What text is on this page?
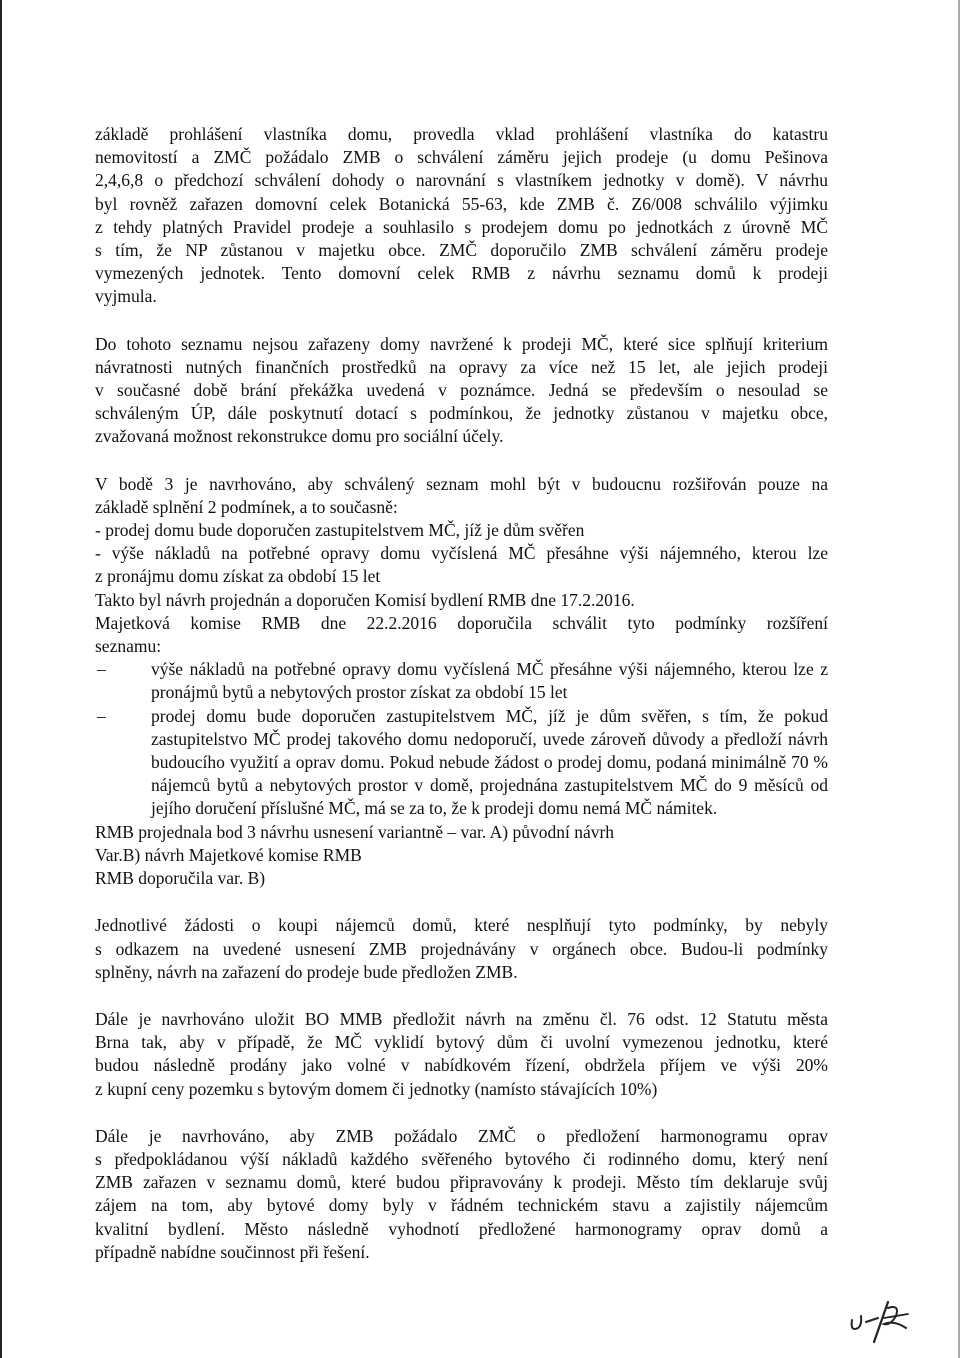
základě prohlášení vlastníka domu, provedla vklad prohlášení vlastníka do katastru
nemovitostí a ZMČ požádalo ZMB o schválení záměru jejich prodeje (u domu Pešinova
2,4,6,8 o předchozí schválení dohody o narovnání s vlastníkem jednotky v domě). V návrhu
byl rovněž zařazen domovní celek Botanická 55-63, kde ZMB č. Z6/008 schválilo výjimku
z tehdy platných Pravidel prodeje a souhlasilo s prodejem domu po jednotkách z úrovně MČ
s tím, že NP zůstanou v majetku obce. ZMČ doporučilo ZMB schválení záměru prodeje
vymezených jednotek. Tento domovní celek RMB z návrhu seznamu domů k prodeji
vyjmula.

Do tohoto seznamu nejsou zařazeny domy navržené k prodeji MČ, které sice splňují kriterium
návratnosti nutných finančních prostředků na opravy za více než 15 let, ale jejich prodeji
v současné době brání překážka uvedená v poznámce. Jedná se především o nesoulad se
schváleným ÚP, dále poskytnutí dotací s podmínkou, že jednotky zůstanou v majetku obce,
zvažovaná možnost rekonstrukce domu pro sociální účely.

V bodě 3 je navrhováno, aby schválený seznam mohl být v budoucnu rozšiřován pouze na
základě splnění 2 podmínek, a to současně:
- prodej domu bude doporučen zastupitelstvem MČ, jíž je dům svěřen
- výše nákladů na potřebné opravy domu vyčíslená MČ přesáhne výši nájemného, kterou lze
z pronájmu domu získat za období 15 let
Takto byl návrh projednán a doporučen Komisí bydlení RMB dne 17.2.2016.
Majetková komise RMB dne 22.2.2016 doporučila schválit tyto podmínky rozšíření
seznamu:

– výše nákladů na potřebné opravy domu vyčíslená MČ přesáhne výši nájemného, kterou lze z pronájmů bytů a nebytových prostor získat za období 15 let
– prodej domu bude doporučen zastupitelstvem MČ, jíž je dům svěřen, s tím, že pokud zastupitelstvo MČ prodej takového domu nedoporučí, uvede zároveň důvody a předloží návrh budoucího využití a oprav domu. Pokud nebude žádost o prodej domu, podaná minimálně 70 % nájemců bytů a nebytových prostor v domě, projednána zastupitelstvem MČ do 9 měsíců od jejího doručení příslušné MČ, má se za to, že k prodeji domu nemá MČ námitek.

RMB projednala bod 3 návrhu usnesení variantně – var. A) původní návrh
Var.B) návrh Majetkové komise RMB
RMB doporučila var. B)

Jednotlivé žádosti o koupi nájemců domů, které nesplňují tyto podmínky, by nebyly
s odkazem na uvedené usnesení ZMB projednávány v orgánech obce. Budou-li podmínky
splněny, návrh na zařazení do prodeje bude předložen ZMB.

Dále je navrhováno uložit BO MMB předložit návrh na změnu čl. 76 odst. 12 Statutu města
Brna tak, aby v případě, že MČ vyklidí bytový dům či uvolní vymezenou jednotku, které
budou následně prodány jako volné v nabídkovém řízení, obdržela příjem ve výši 20%
z kupní ceny pozemku s bytovým domem či jednotky (namísto stávajících 10%)

Dále je navrhováno, aby ZMB požádalo ZMČ o předložení harmonogramu oprav
s předpokládanou výší nákladů každého svěřeného bytového či rodinného domu, který není
ZMB zařazen v seznamu domů, které budou připravovány k prodeji. Město tím deklaruje svůj
zájem na tom, aby bytové domy byly v řádném technickém stavu a zajistily nájemcům
kvalitní bydlení. Město následně vyhodnotí předložené harmonogramy oprav domů a
případně nabídne součinnost při řešení.
